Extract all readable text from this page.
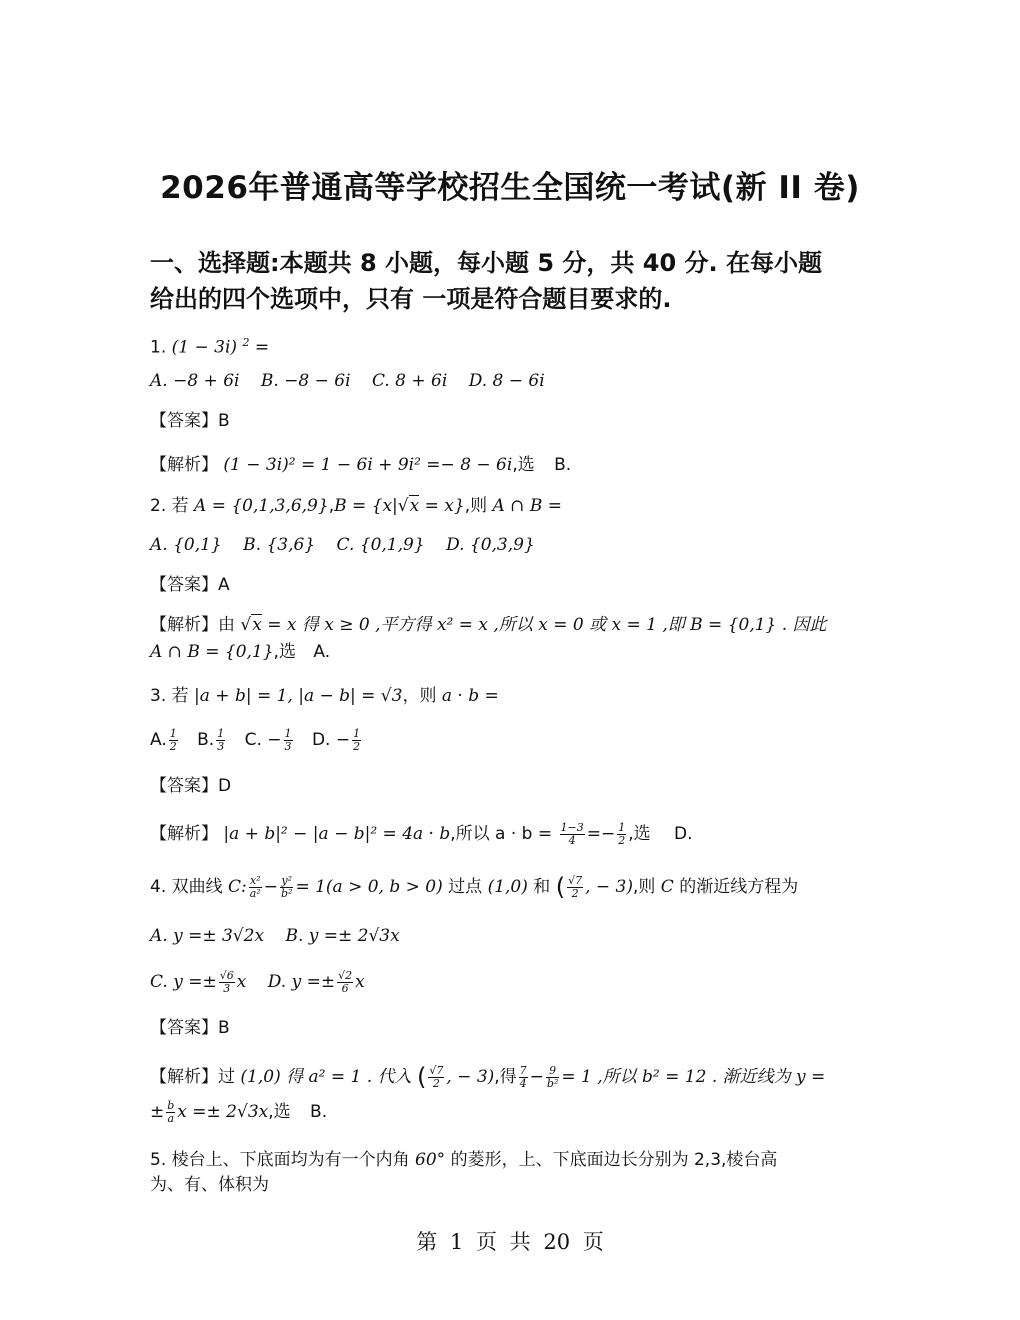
2026年普通高等学校招生全国统一考试(新 II 卷)
一、选择题:本题共 8 小题，每小题 5 分，共 40 分. 在每小题
给出的四个选项中，只有 一项是符合题目要求的.
1. (1 − 3i) $^2$ =
A. −8 + 6i B. −8 − 6i C. 8 + 6i D. 8 − 6i
【答案】B
【解析】 (1 − 3i)² = 1 − 6i + 9i² =− 8 − 6i,选 B.
2. 若 A = {0,1,3,6,9},B = {x|√x = x},则 A ∩ B =
A. {0,1} B. {3,6} C. {0,1,9} D. {0,3,9}
【答案】A
【解析】由 √x = x 得 x ≥ 0 ,平方得 x² = x ,所以 x = 0 或 x = 1 ,即 B = {0,1} . 因此
A ∩ B = {0,1},选 A.
3. 若 |a + b| = 1, |a − b| = √3，则 a · b =
A. $\frac{1}{2} B$. $\frac{1}{3} C$. − $\frac{1}{3} D$. − $\frac{1}{2}$
【答案】D
【解析】 |a + b|² − |a − b|² = 4a · b,所以 $a \cdot b = \frac{1-3}{4} =- \frac{1}{2}$ ,选 D.
4. 双曲线 C: $\frac{\text{x²}}{\text{a²}} - \frac{\text{y²}}{\text{b²}} = 1(a > 0$, b > 0) 过点 (1,0) 和 ( $\frac{√7}{2}$ , − 3),则 C 的渐近线方程为
A. y =± 3√2x B. y =± 2√3x
C. $y =\pm \frac{√6}{3}$ x D. $y =\pm \frac{√2}{6}$ x
【答案】B
【解析】过 (1,0) 得 a² = 1 . 代入 ( $\frac{√7}{2}$ , − 3),得 $\frac{7}{4} - \frac{9}{\text{b²}} = 1$ ,所以 b² = 12 . 渐近线为 y =
± $\frac{b}{a}$ x =± 2√3x,选 B.
5. 棱台上、下底面均为有一个内角 60° 的菱形，上、下底面边长分别为 2,3,棱台高
为、有、体积为
第 1 页 共 20 页
